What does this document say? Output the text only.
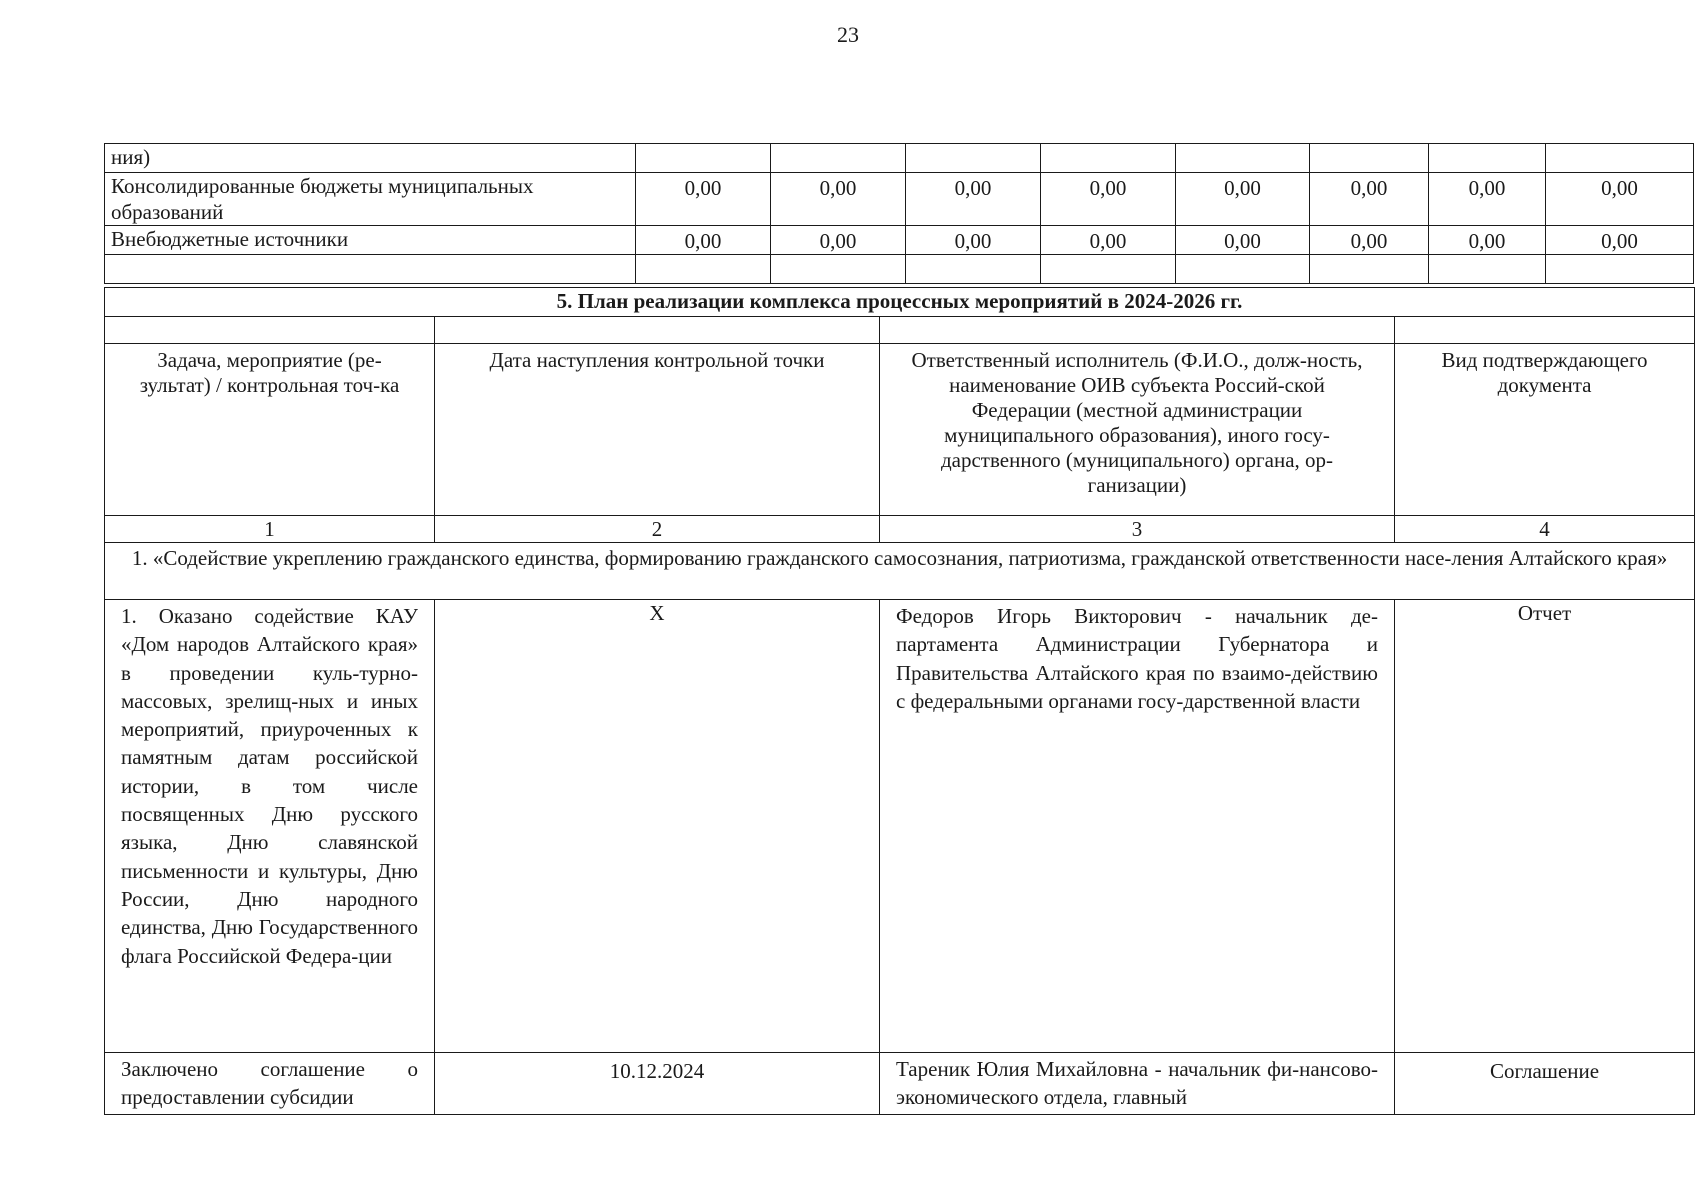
23
ния)								
Консолидированные бюджеты муниципальных образований	0,00	0,00	0,00	0,00	0,00	0,00	0,00	0,00
Внебюджетные источники	0,00	0,00	0,00	0,00	0,00	0,00	0,00	0,00

5. План реализации комплекса процессных мероприятий в 2024-2026 гг.			

Задача, мероприятие (ре-зультат) / контрольная точ-ка	Дата наступления контрольной точки	Ответственный исполнитель (Ф.И.О., долж-ность, наименование ОИВ субъекта Россий-ской Федерации (местной администрации муниципального образования), иного госу-дарственного (муниципального) органа, ор-ганизации)	Вид подтверждающего документа
1	2	3	4
1. «Содействие укреплению гражданского единства, формированию гражданского самосознания, патриотизма, гражданской ответственности насе-ления Алтайского края»			
1. Оказано содействие КАУ «Дом народов Алтайского края» в проведении куль-турно-массовых, зрелищ-ных и иных мероприятий, приуроченных к памятным датам российской истории, в том числе посвященных Дню русского языка, Дню славянской письменности и культуры, Дню России, Дню народного единства, Дню Государственного флага Российской Федера-ции	Х	Федоров Игорь Викторович - начальник де-партамента Администрации Губернатора и Правительства Алтайского края по взаимо-действию с федеральными органами госу-дарственной власти	Отчет
Заключено соглашение о предоставлении субсидии	10.12.2024	Тареник Юлия Михайловна - начальник фи-нансово-экономического отдела, главный	Соглашение
